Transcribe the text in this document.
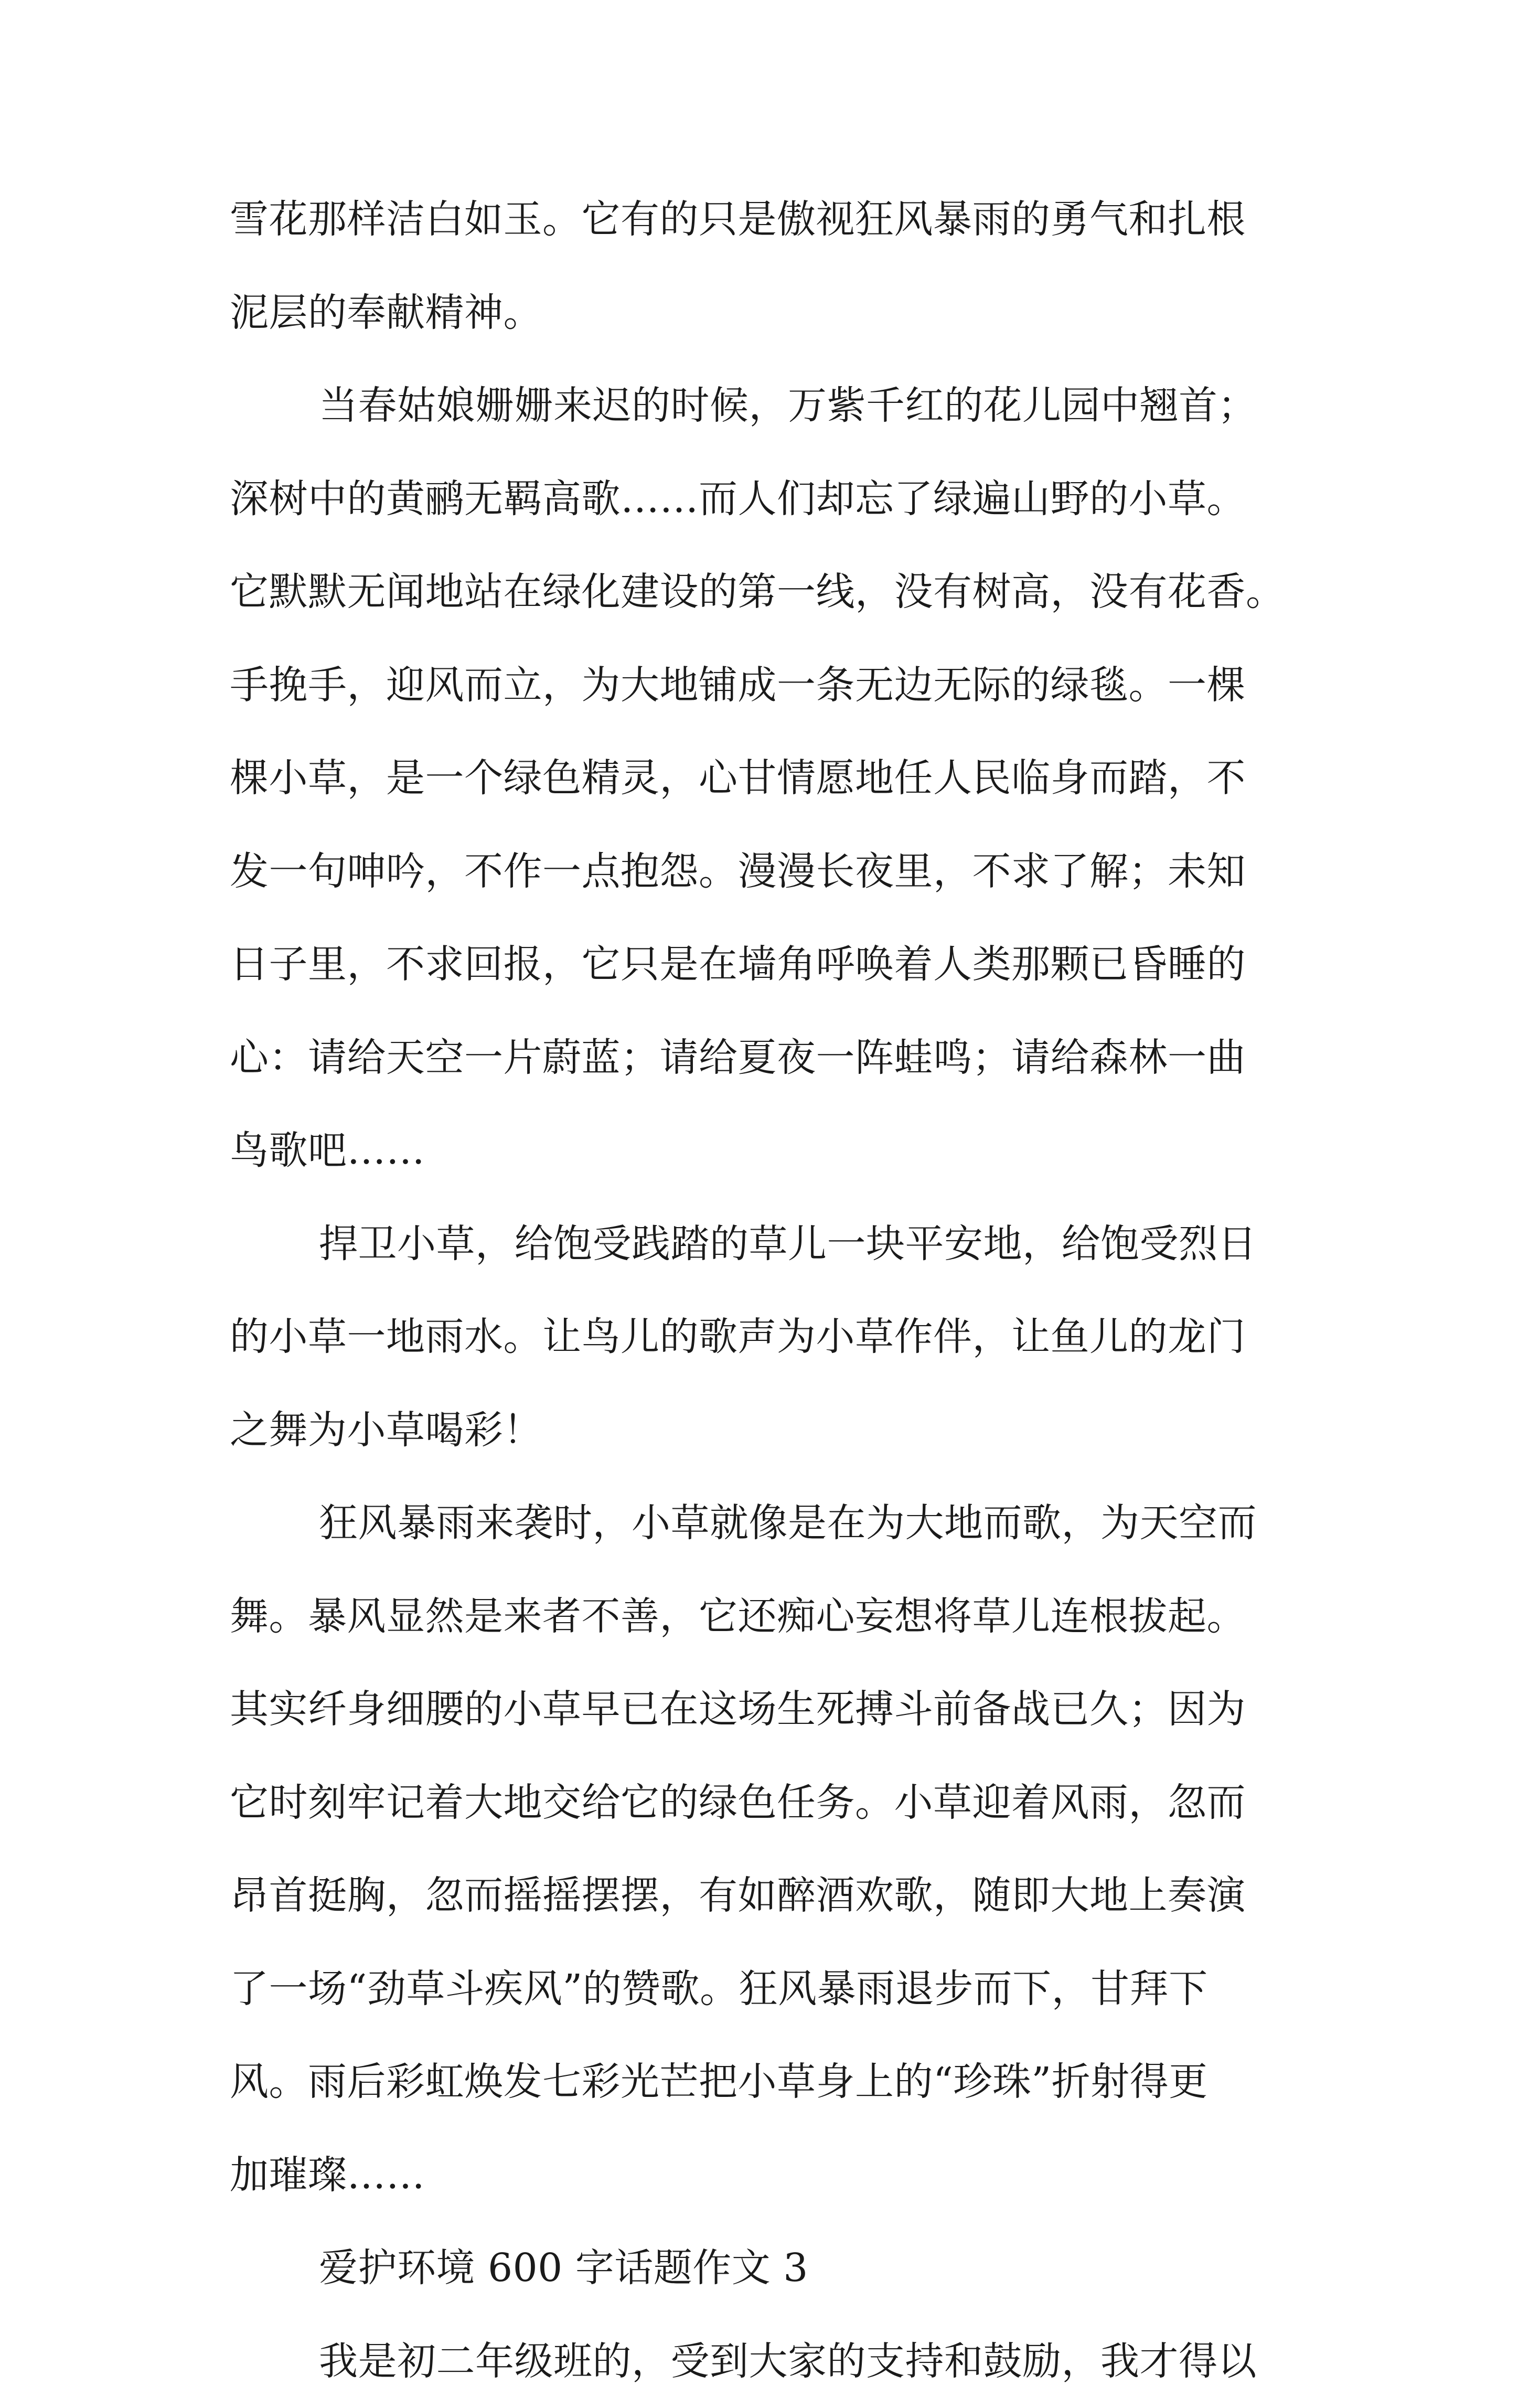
雪花那样洁白如玉。它有的只是傲视狂风暴雨的勇气和扎根
泥层的奉献精神。
当春姑娘姗姗来迟的时候，万紫千红的花儿园中翘首；
深树中的黄鹂无羁高歌……而人们却忘了绿遍山野的小草。
它默默无闻地站在绿化建设的第一线，没有树高，没有花香。
手挽手，迎风而立，为大地铺成一条无边无际的绿毯。一棵
棵小草，是一个绿色精灵，心甘情愿地任人民临身而踏，不
发一句呻吟，不作一点抱怨。漫漫长夜里，不求了解；未知
日子里，不求回报，它只是在墙角呼唤着人类那颗已昏睡的
心：请给天空一片蔚蓝；请给夏夜一阵蛙鸣；请给森林一曲
鸟歌吧……
捍卫小草，给饱受践踏的草儿一块平安地，给饱受烈日
的小草一地雨水。让鸟儿的歌声为小草作伴，让鱼儿的龙门
之舞为小草喝彩！
狂风暴雨来袭时，小草就像是在为大地而歌，为天空而
舞。暴风显然是来者不善，它还痴心妄想将草儿连根拔起。
其实纤身细腰的小草早已在这场生死搏斗前备战已久；因为
它时刻牢记着大地交给它的绿色任务。小草迎着风雨，忽而
昂首挺胸，忽而摇摇摆摆，有如醉酒欢歌，随即大地上奏演
了一场“劲草斗疾风”的赞歌。狂风暴雨退步而下，甘拜下
风。雨后彩虹焕发七彩光芒把小草身上的“珍珠”折射得更
加璀璨……
爱护环境 600 字话题作文 3
我是初二年级班的，受到大家的支持和鼓励，我才得以
